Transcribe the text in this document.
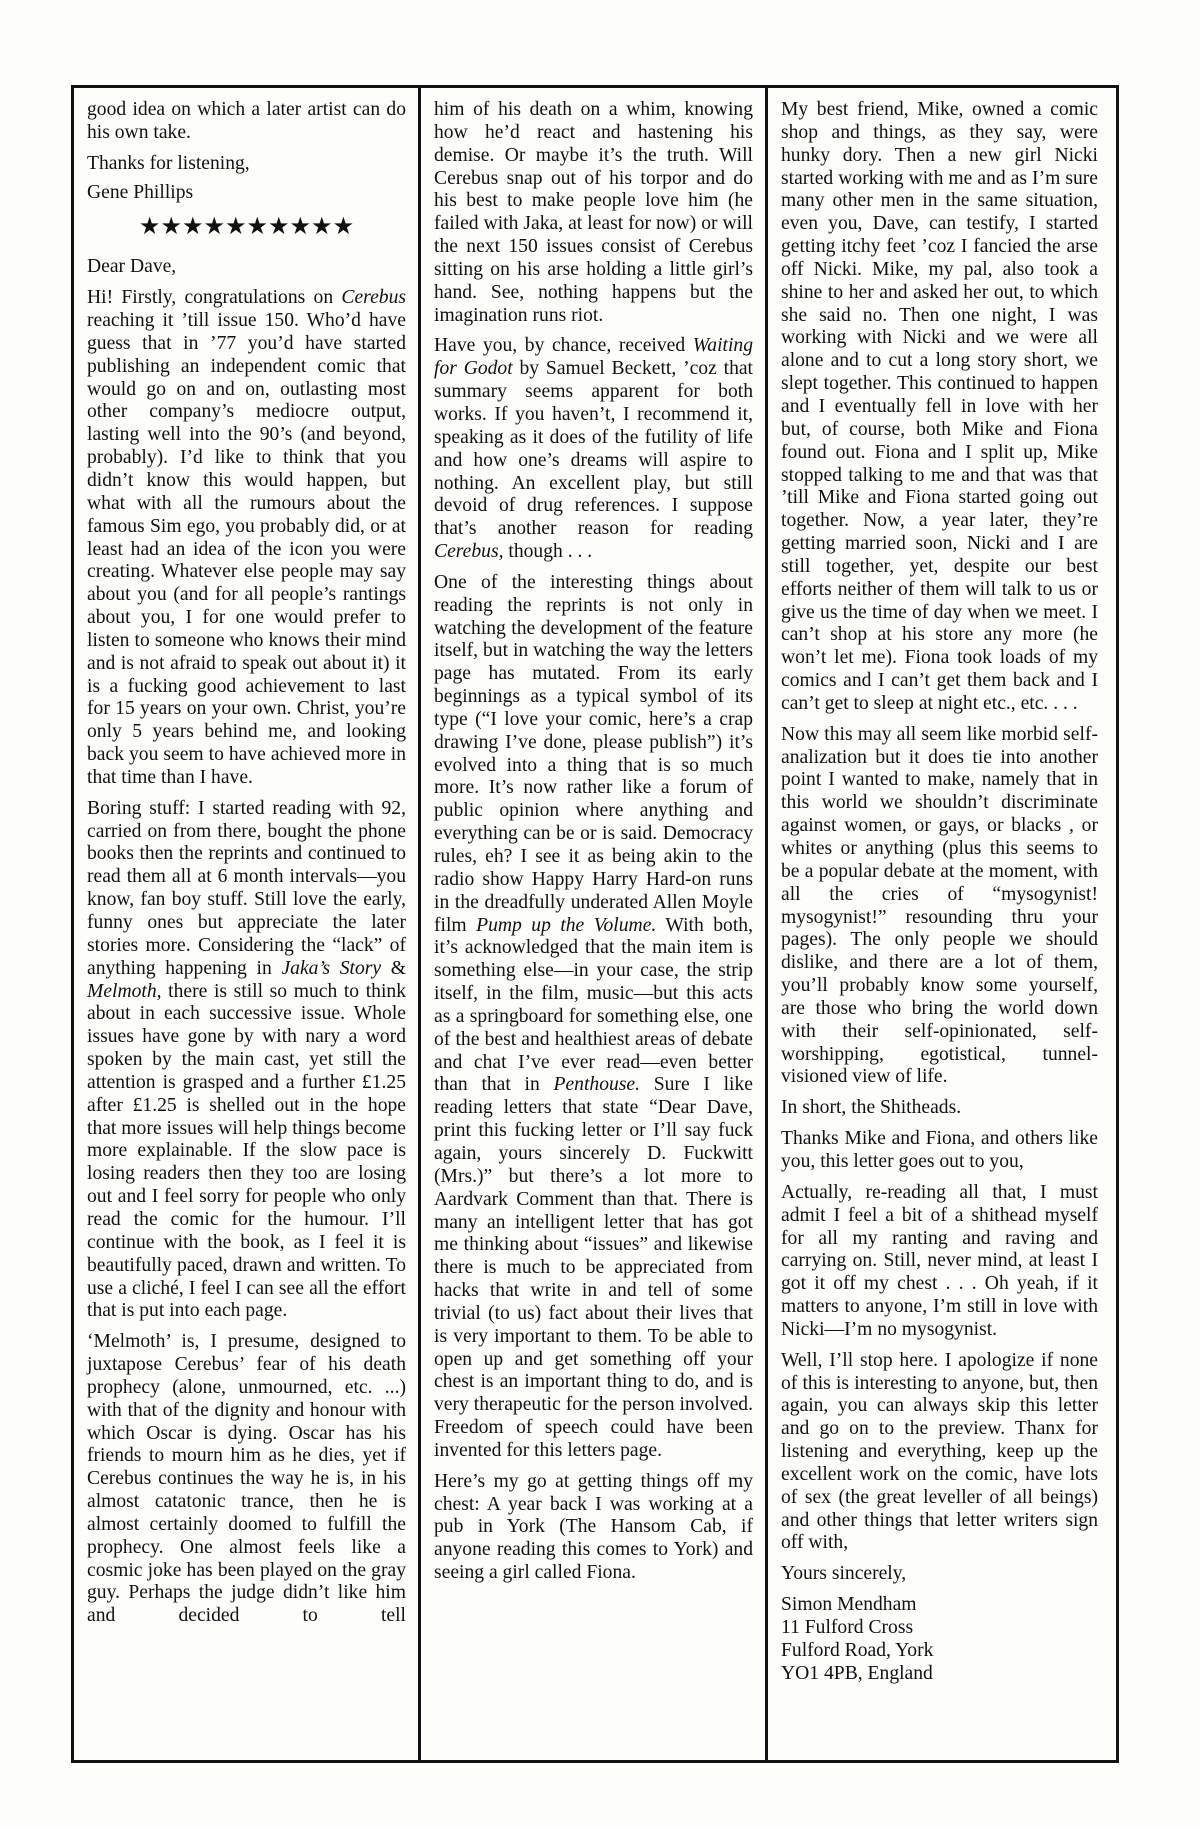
good idea on which a later artist can do his own take.

Thanks for listening,

Gene Phillips

★★★★★★★★★★

Dear Dave,

Hi! Firstly, congratulations on Cerebus reaching it ’till issue 150. Who’d have guess that in ’77 you’d have started publishing an independent comic that would go on and on, outlasting most other company’s mediocre output, lasting well into the 90’s (and beyond, probably). I’d like to think that you didn’t know this would happen, but what with all the rumours about the famous Sim ego, you probably did, or at least had an idea of the icon you were creating. Whatever else people may say about you (and for all people’s rantings about you, I for one would prefer to listen to someone who knows their mind and is not afraid to speak out about it) it is a fucking good achievement to last for 15 years on your own. Christ, you’re only 5 years behind me, and looking back you seem to have achieved more in that time than I have.

Boring stuff: I started reading with 92, carried on from there, bought the phone books then the reprints and continued to read them all at 6 month intervals—you know, fan boy stuff. Still love the early, funny ones but appreciate the later stories more. Considering the “lack” of anything happening in Jaka’s Story & Melmoth, there is still so much to think about in each successive issue. Whole issues have gone by with nary a word spoken by the main cast, yet still the attention is grasped and a further £1.25 after £1.25 is shelled out in the hope that more issues will help things become more explainable. If the slow pace is losing readers then they too are losing out and I feel sorry for people who only read the comic for the humour. I’ll continue with the book, as I feel it is beautifully paced, drawn and written. To use a cliché, I feel I can see all the effort that is put into each page.

‘Melmoth’ is, I presume, designed to juxtapose Cerebus’ fear of his death prophecy (alone, unmourned, etc. ...) with that of the dignity and honour with which Oscar is dying. Oscar has his friends to mourn him as he dies, yet if Cerebus continues the way he is, in his almost catatonic trance, then he is almost certainly doomed to fulfill the prophecy. One almost feels like a cosmic joke has been played on the gray guy. Perhaps the judge didn’t like him and decided to tell

him of his death on a whim, knowing how he’d react and hastening his demise. Or maybe it’s the truth. Will Cerebus snap out of his torpor and do his best to make people love him (he failed with Jaka, at least for now) or will the next 150 issues consist of Cerebus sitting on his arse holding a little girl’s hand. See, nothing happens but the imagination runs riot.

Have you, by chance, received Waiting for Godot by Samuel Beckett, ’coz that summary seems apparent for both works. If you haven’t, I recommend it, speaking as it does of the futility of life and how one’s dreams will aspire to nothing. An excellent play, but still devoid of drug references. I suppose that’s another reason for reading Cerebus, though . . .

One of the interesting things about reading the reprints is not only in watching the development of the feature itself, but in watching the way the letters page has mutated. From its early beginnings as a typical symbol of its type (“I love your comic, here’s a crap drawing I’ve done, please publish”) it’s evolved into a thing that is so much more. It’s now rather like a forum of public opinion where anything and everything can be or is said. Democracy rules, eh? I see it as being akin to the radio show Happy Harry Hard-on runs in the dreadfully underated Allen Moyle film Pump up the Volume. With both, it’s acknowledged that the main item is something else—in your case, the strip itself, in the film, music—but this acts as a springboard for something else, one of the best and healthiest areas of debate and chat I’ve ever read—even better than that in Penthouse. Sure I like reading letters that state “Dear Dave, print this fucking letter or I’ll say fuck again, yours sincerely D. Fuckwitt (Mrs.)” but there’s a lot more to Aardvark Comment than that. There is many an intelligent letter that has got me thinking about “issues” and likewise there is much to be appreciated from hacks that write in and tell of some trivial (to us) fact about their lives that is very important to them. To be able to open up and get something off your chest is an important thing to do, and is very therapeutic for the person involved. Freedom of speech could have been invented for this letters page.

Here’s my go at getting things off my chest: A year back I was working at a pub in York (The Hansom Cab, if anyone reading this comes to York) and seeing a girl called Fiona.

My best friend, Mike, owned a comic shop and things, as they say, were hunky dory. Then a new girl Nicki started working with me and as I’m sure many other men in the same situation, even you, Dave, can testify, I started getting itchy feet ’coz I fancied the arse off Nicki. Mike, my pal, also took a shine to her and asked her out, to which she said no. Then one night, I was working with Nicki and we were all alone and to cut a long story short, we slept together. This continued to happen and I eventually fell in love with her but, of course, both Mike and Fiona found out. Fiona and I split up, Mike stopped talking to me and that was that ’till Mike and Fiona started going out together. Now, a year later, they’re getting married soon, Nicki and I are still together, yet, despite our best efforts neither of them will talk to us or give us the time of day when we meet. I can’t shop at his store any more (he won’t let me). Fiona took loads of my comics and I can’t get them back and I can’t get to sleep at night etc., etc. . . .

Now this may all seem like morbid self-analization but it does tie into another point I wanted to make, namely that in this world we shouldn’t discriminate against women, or gays, or blacks , or whites or anything (plus this seems to be a popular debate at the moment, with all the cries of “mysogynist! mysogynist!” resounding thru your pages). The only people we should dislike, and there are a lot of them, you’ll probably know some yourself, are those who bring the world down with their self-opinionated, self-worshipping, egotistical, tunnel-visioned view of life.

In short, the Shitheads.

Thanks Mike and Fiona, and others like you, this letter goes out to you,

Actually, re-reading all that, I must admit I feel a bit of a shithead myself for all my ranting and raving and carrying on. Still, never mind, at least I got it off my chest . . . Oh yeah, if it matters to anyone, I’m still in love with Nicki—I’m no mysogynist.

Well, I’ll stop here. I apologize if none of this is interesting to anyone, but, then again, you can always skip this letter and go on to the preview. Thanx for listening and everything, keep up the excellent work on the comic, have lots of sex (the great leveller of all beings) and other things that letter writers sign off with,

Yours sincerely,

Simon Mendham
11 Fulford Cross
Fulford Road, York
YO1 4PB, England
